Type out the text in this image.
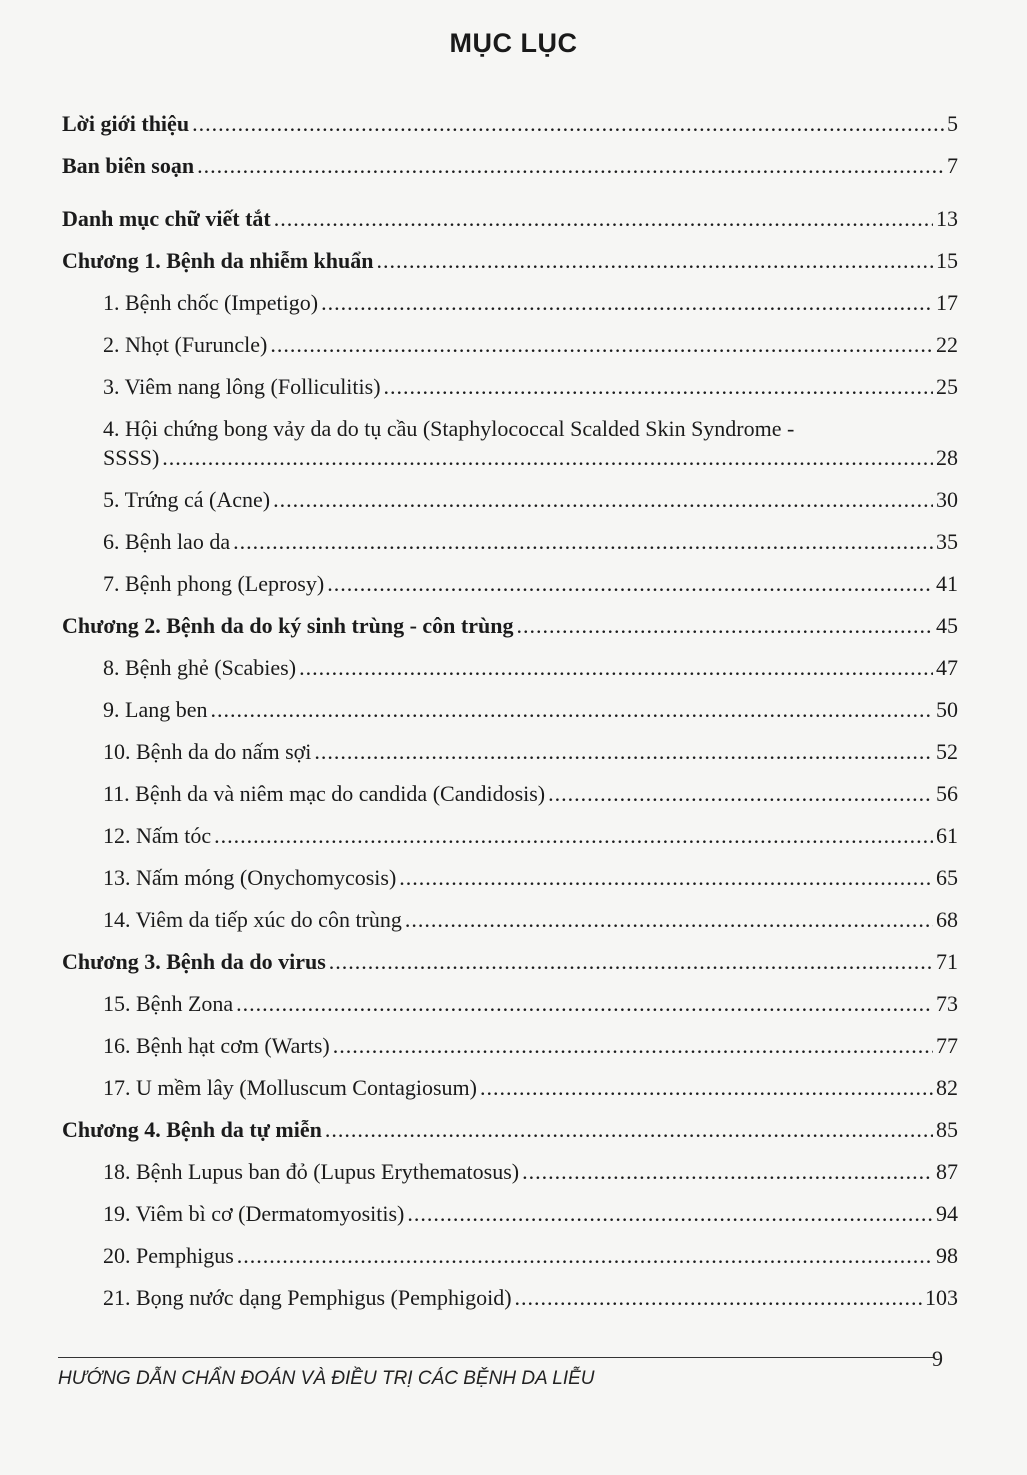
MỤC LỤC
Lời giới thiệu .....	5
Ban biên soạn .....	7
Danh mục chữ viết tắt .....	13
Chương 1. Bệnh da nhiễm khuẩn .....	15
1. Bệnh chốc (Impetigo) .....	17
2. Nhọt (Furuncle) .....	22
3. Viêm nang lông (Folliculitis) .....	25
4. Hội chứng bong vảy da do tụ cầu (Staphylococcal Scalded Skin Syndrome -
SSSS) .....	28
5. Trứng cá (Acne) .....	30
6. Bệnh lao da .....	35
7. Bệnh phong (Leprosy) .....	41
Chương 2. Bệnh da do ký sinh trùng - côn trùng .....	45
8. Bệnh ghẻ (Scabies) .....	47
9. Lang ben .....	50
10. Bệnh da do nấm sợi .....	52
11. Bệnh da và niêm mạc do candida (Candidosis) .....	56
12. Nấm tóc .....	61
13. Nấm móng (Onychomycosis) .....	65
14. Viêm da tiếp xúc do côn trùng .....	68
Chương 3. Bệnh da do virus .....	71
15. Bệnh Zona .....	73
16. Bệnh hạt cơm (Warts) .....	77
17. U mềm lây (Molluscum Contagiosum) .....	82
Chương 4. Bệnh da tự miễn .....	85
18. Bệnh Lupus ban đỏ (Lupus Erythematosus) .....	87
19. Viêm bì cơ (Dermatomyositis) .....	94
20. Pemphigus .....	98
21. Bọng nước dạng Pemphigus (Pemphigoid) .....	103
HƯỚNG DẪN CHẨN ĐOÁN VÀ ĐIỀU TRỊ CÁC BỆNH DA LIỄU
9
